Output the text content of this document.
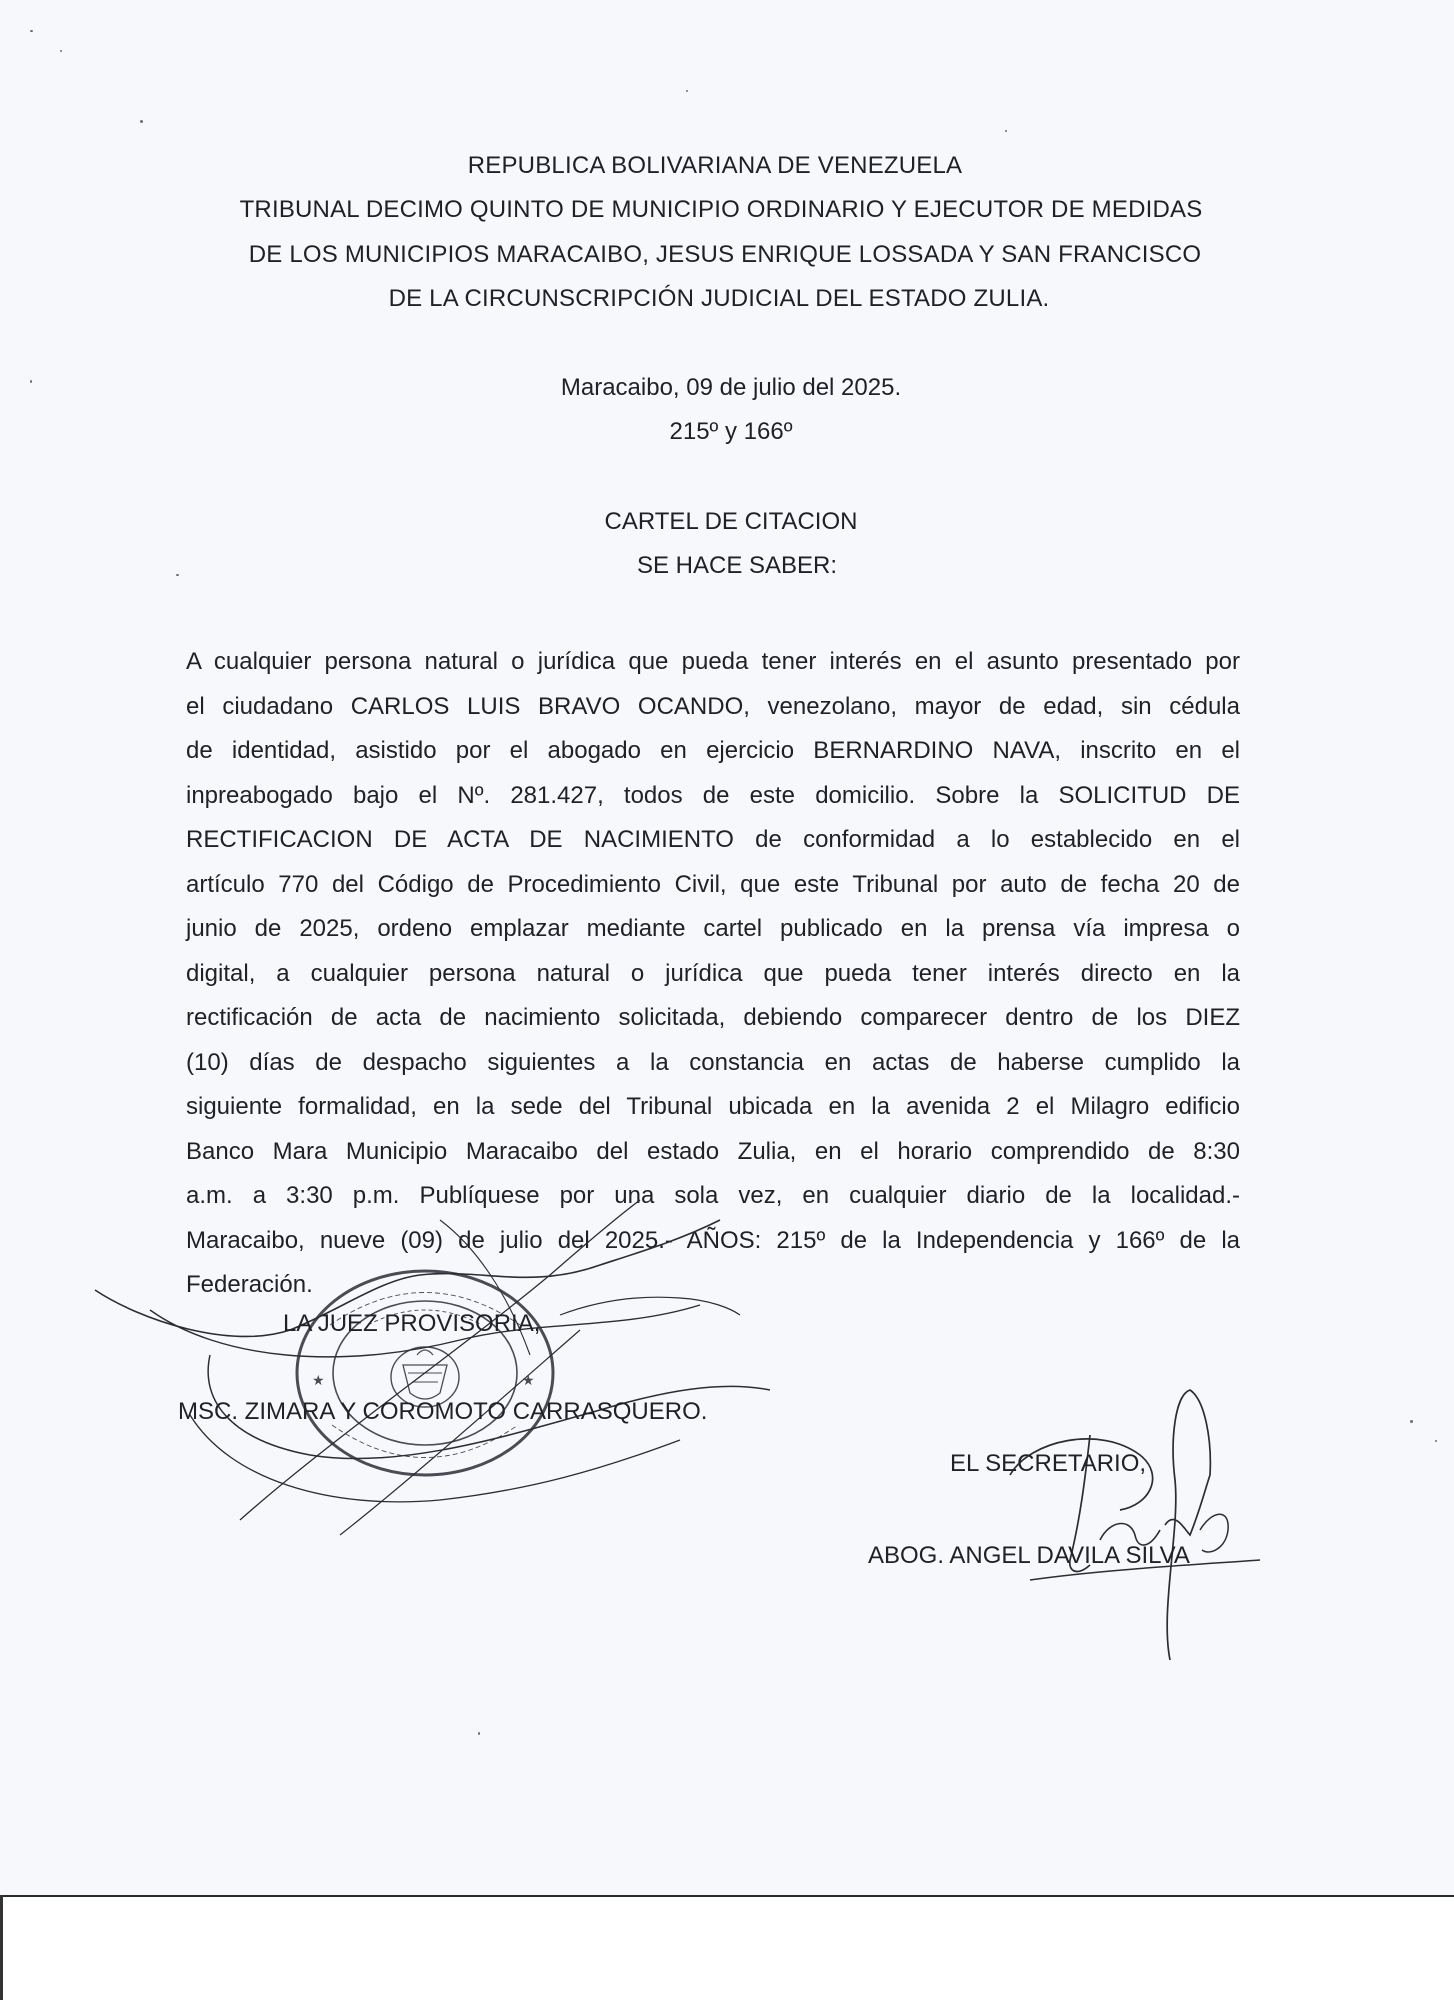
REPUBLICA BOLIVARIANA DE VENEZUELA
TRIBUNAL DECIMO QUINTO DE MUNICIPIO ORDINARIO Y EJECUTOR DE MEDIDAS
DE LOS MUNICIPIOS MARACAIBO, JESUS ENRIQUE LOSSADA Y SAN FRANCISCO
DE LA CIRCUNSCRIPCIÓN JUDICIAL DEL ESTADO ZULIA.
Maracaibo, 09 de julio del 2025.
215º y 166º
CARTEL DE CITACION
SE HACE SABER:
A cualquier persona natural o jurídica que pueda tener interés en el asunto presentado por
el ciudadano CARLOS LUIS BRAVO OCANDO, venezolano, mayor de edad, sin cédula
de identidad, asistido por el abogado en ejercicio BERNARDINO NAVA, inscrito en el
inpreabogado bajo el Nº. 281.427, todos de este domicilio. Sobre la SOLICITUD DE
RECTIFICACION DE ACTA DE NACIMIENTO de conformidad a lo establecido en el
artículo 770 del Código de Procedimiento Civil, que este Tribunal por auto de fecha 20 de
junio de 2025, ordeno emplazar mediante cartel publicado en la prensa vía impresa o
digital, a cualquier persona natural o jurídica que pueda tener interés directo en la
rectificación de acta de nacimiento solicitada, debiendo comparecer dentro de los DIEZ
(10) días de despacho siguientes a la constancia en actas de haberse cumplido la
siguiente formalidad, en la sede del Tribunal ubicada en la avenida 2 el Milagro edificio
Banco Mara Municipio Maracaibo del estado Zulia, en el horario comprendido de 8:30
a.m. a 3:30 p.m. Publíquese por una sola vez, en cualquier diario de la localidad.-
Maracaibo, nueve (09) de julio del 2025.- AÑOS: 215º de la Independencia y 166º de la
Federación.
★	★
LA JUEZ PROVISORIA,
MSC. ZIMARA Y COROMOTO CARRASQUERO.
EL SECRETARIO,
ABOG. ANGEL DAVILA SILVA
